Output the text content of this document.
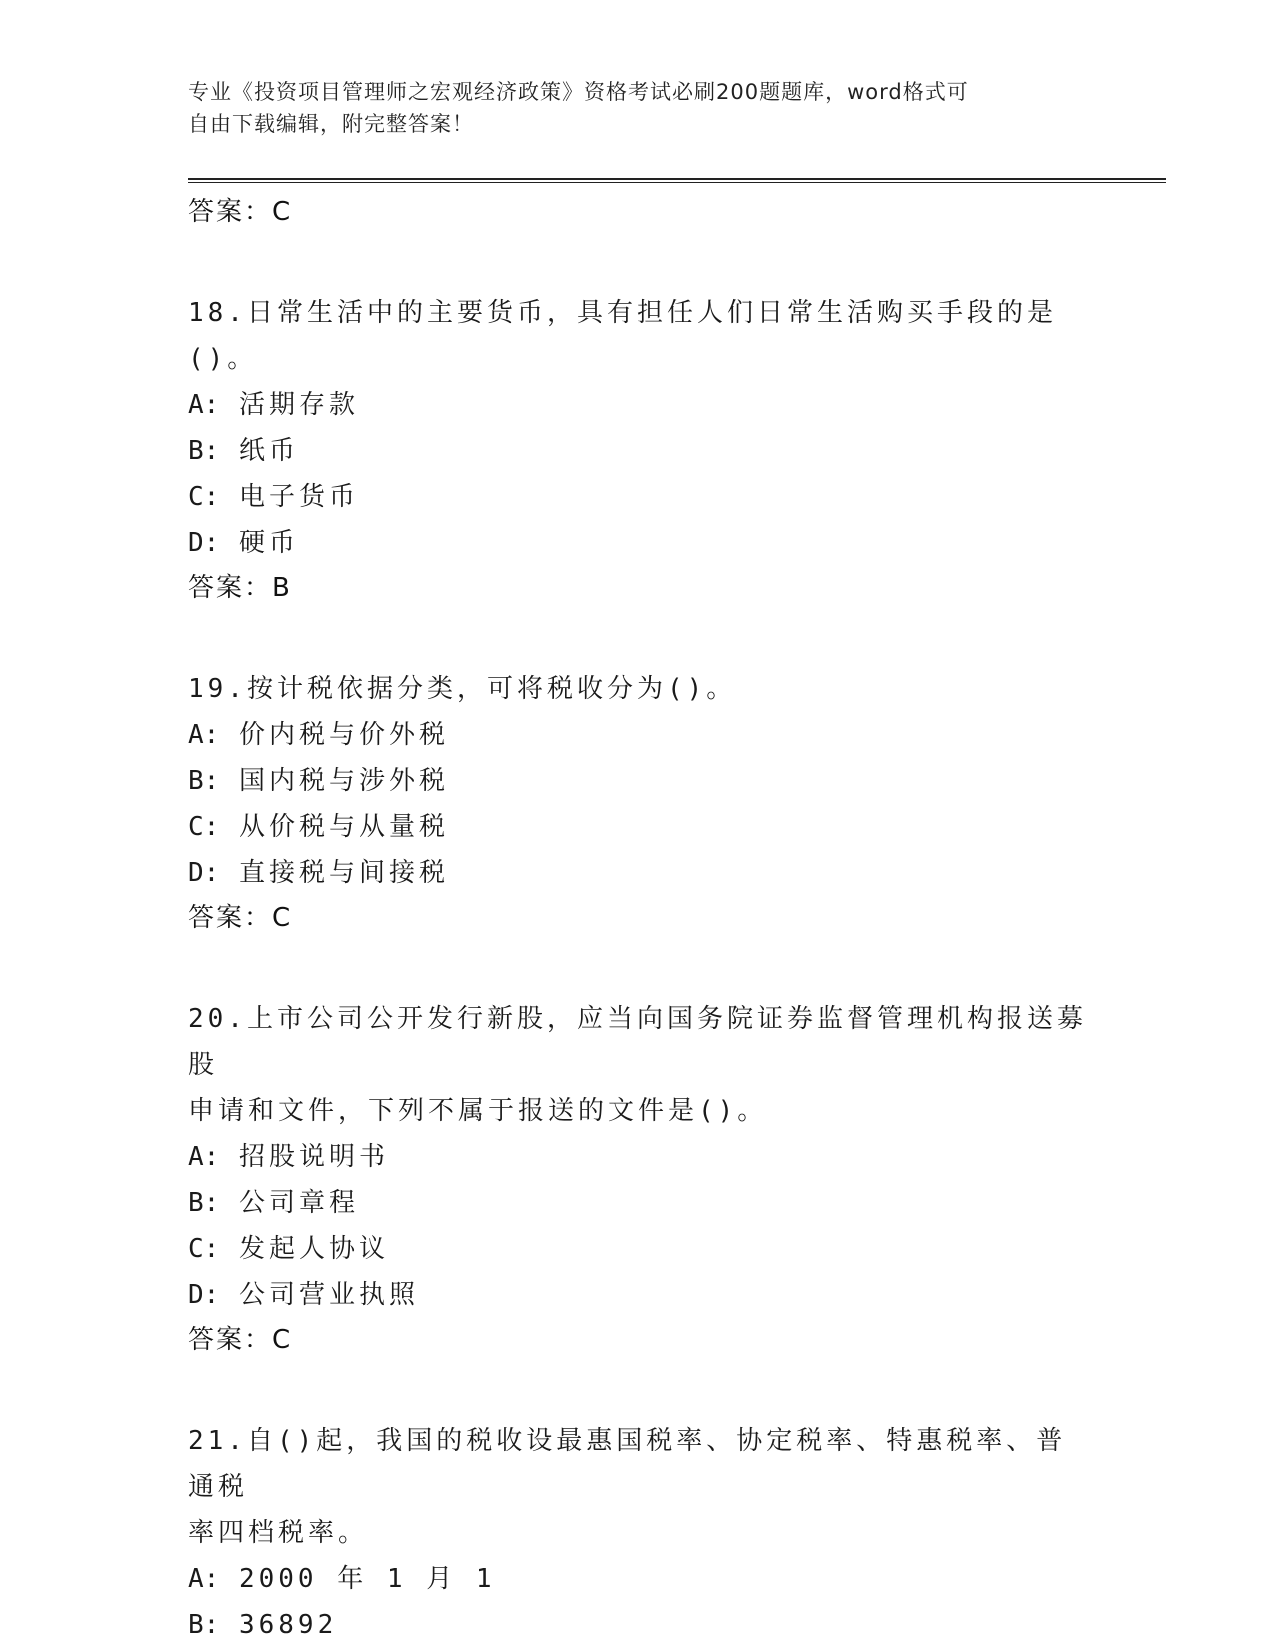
专业《投资项目管理师之宏观经济政策》资格考试必刷200题题库，word格式可
自由下载编辑，附完整答案！
答案：C
18.日常生活中的主要货币，具有担任人们日常生活购买手段的是()。
A: 活期存款
B: 纸币
C: 电子货币
D: 硬币
答案：B
19.按计税依据分类，可将税收分为()。
A: 价内税与价外税
B: 国内税与涉外税
C: 从价税与从量税
D: 直接税与间接税
答案：C
20.上市公司公开发行新股，应当向国务院证券监督管理机构报送募股
申请和文件，下列不属于报送的文件是()。
A: 招股说明书
B: 公司章程
C: 发起人协议
D: 公司营业执照
答案：C
21.自()起，我国的税收设最惠国税率、协定税率、特惠税率、普通税
率四档税率。
A: 2000 年 1 月 1
B: 36892
